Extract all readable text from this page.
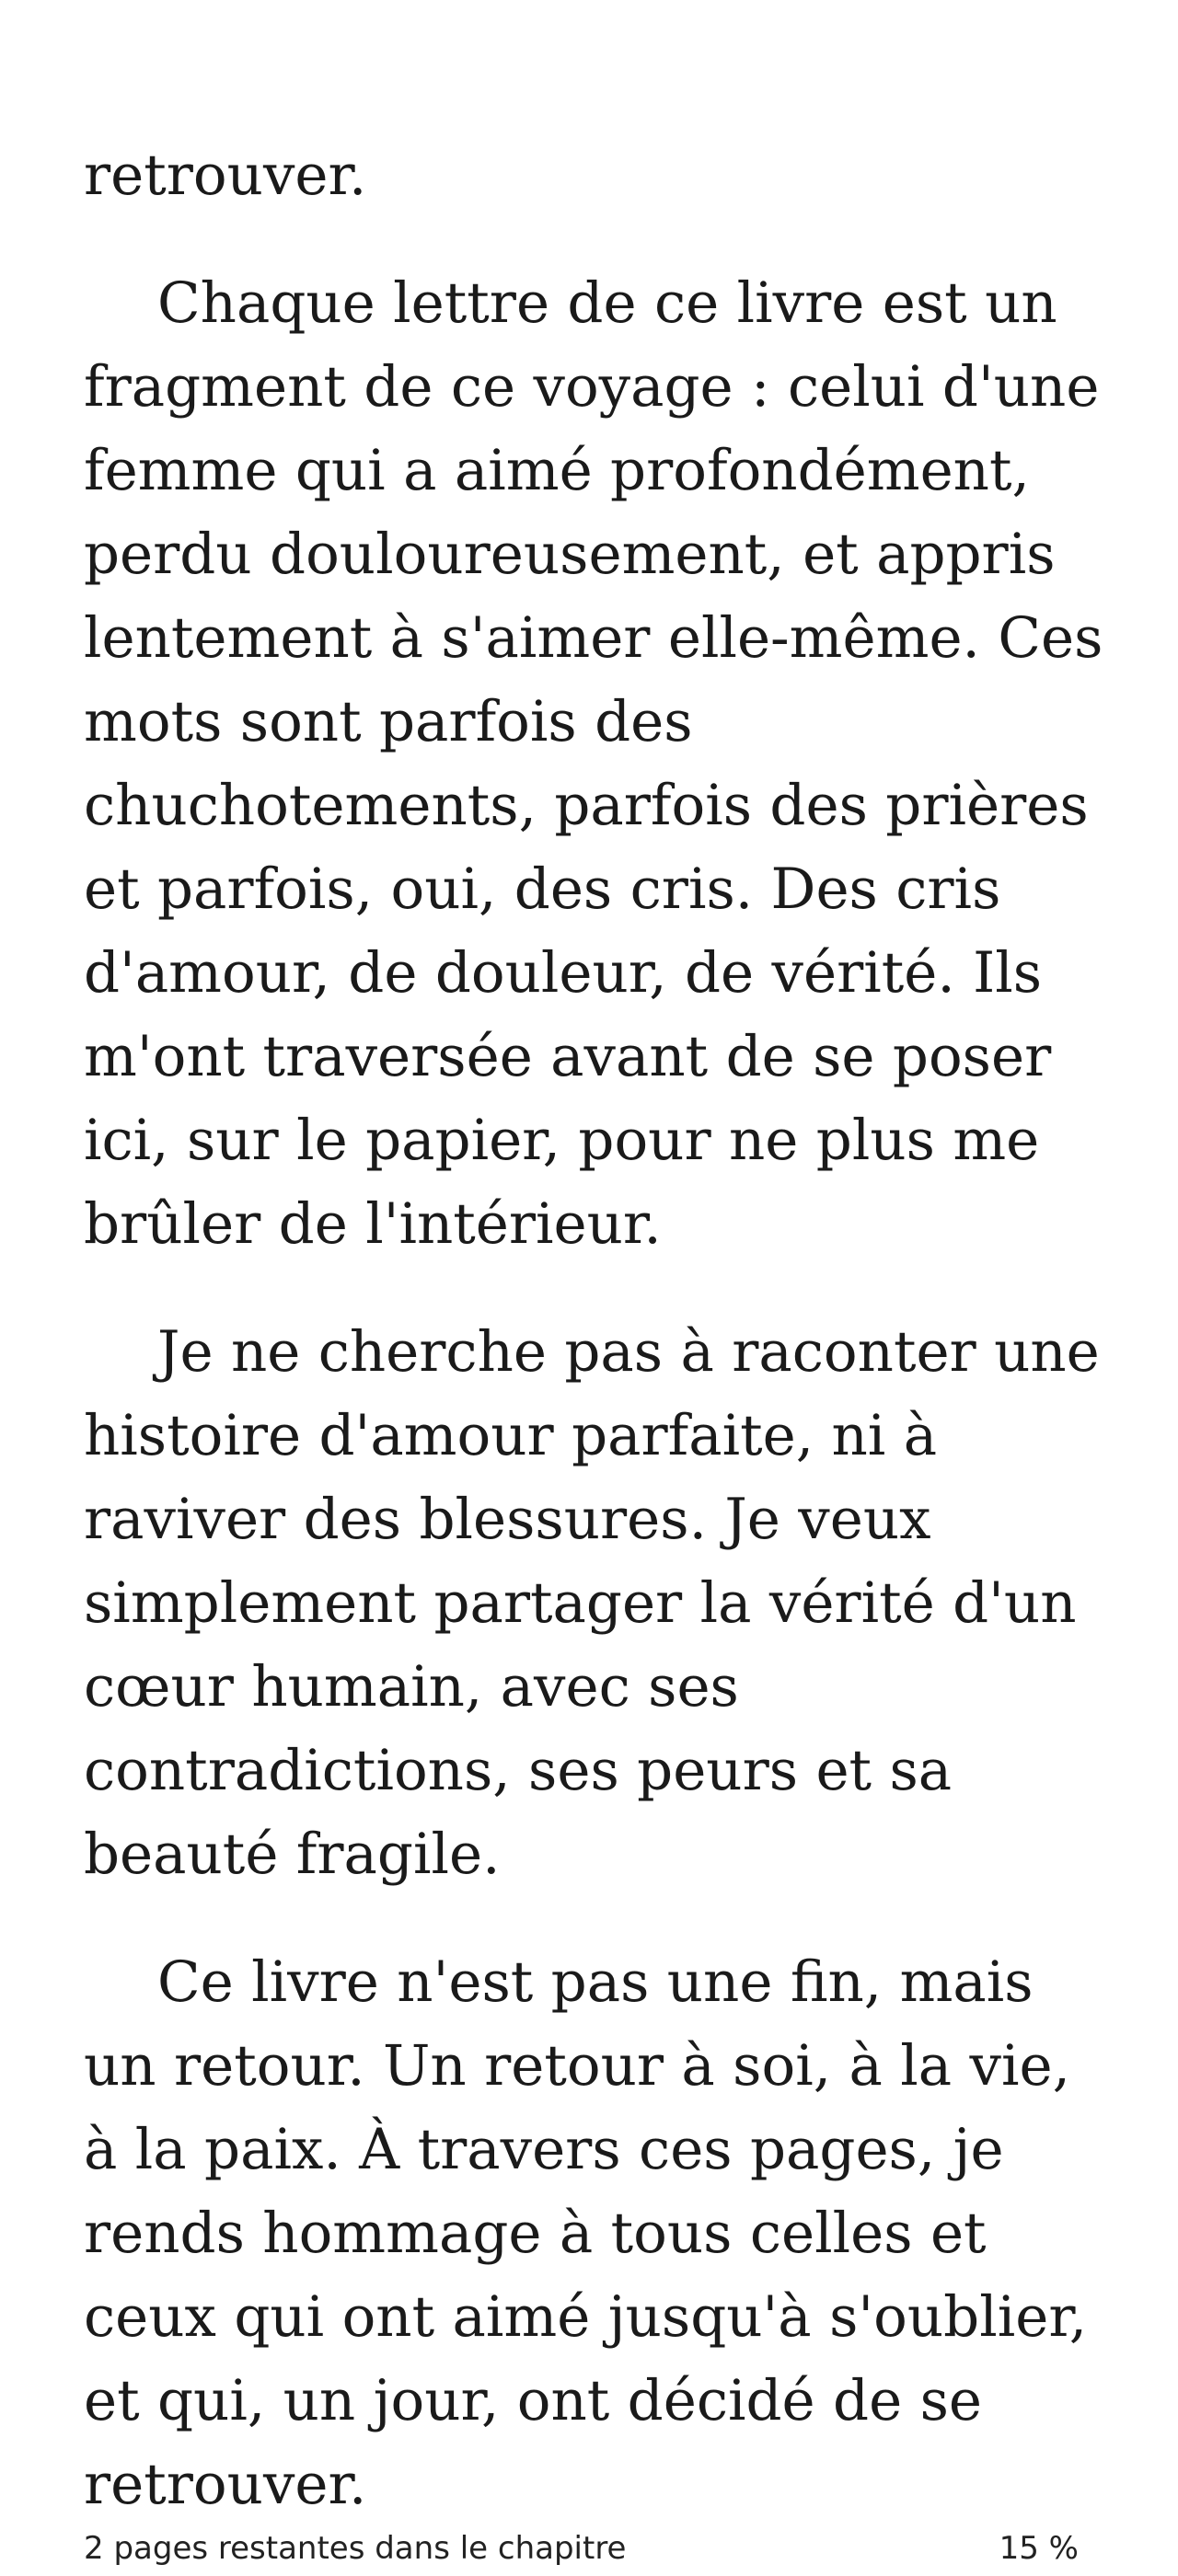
retrouver.

Chaque lettre de ce livre est un fragment de ce voyage : celui d'une femme qui a aimé profondément, perdu douloureusement, et appris lentement à s'aimer elle-même. Ces mots sont parfois des chuchotements, parfois des prières et parfois, oui, des cris. Des cris d'amour, de douleur, de vérité. Ils m'ont traversée avant de se poser ici, sur le papier, pour ne plus me brûler de l'intérieur.

Je ne cherche pas à raconter une histoire d'amour parfaite, ni à raviver des blessures. Je veux simplement partager la vérité d'un cœur humain, avec ses contradictions, ses peurs et sa beauté fragile.

Ce livre n'est pas une fin, mais un retour. Un retour à soi, à la vie, à la paix. À travers ces pages, je rends hommage à tous celles et ceux qui ont aimé jusqu'à s'oublier, et qui, un jour, ont décidé de se retrouver.

2 pages restantes dans le chapitre	15 %
